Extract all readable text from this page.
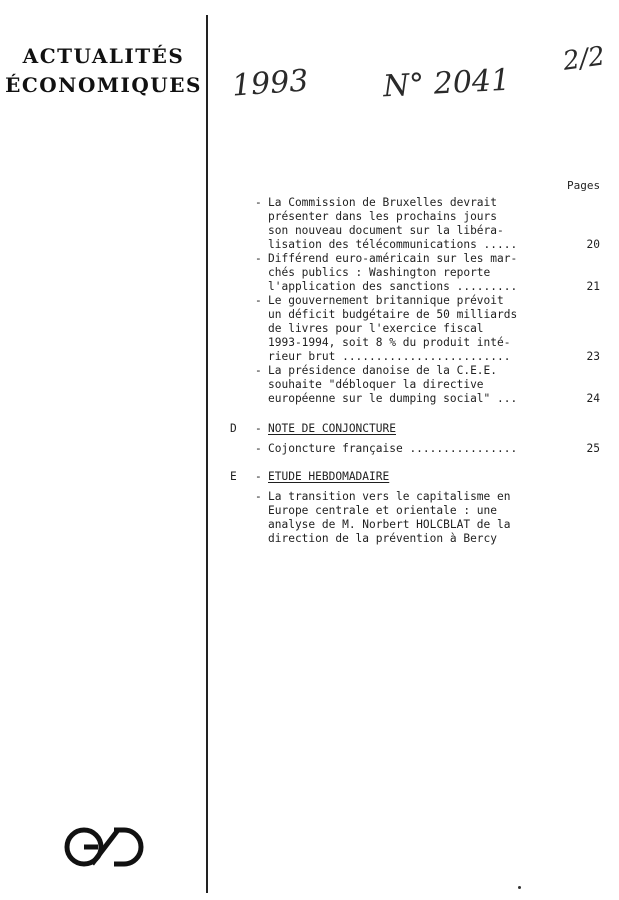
ACTUALITÉS
ÉCONOMIQUES 1993 N° 2041
2/2
Pages
- La Commission de Bruxelles devrait
présenter dans les prochains jours
son nouveau document sur la libéra-
lisation des télécommunications .....	20
- Différend euro-américain sur les mar-
chés publics : Washington reporte
l'application des sanctions .........	21
- Le gouvernement britannique prévoit
un déficit budgétaire de 50 milliards
de livres pour l'exercice fiscal
1993-1994, soit 8 % du produit inté-
rieur brut .........................	23
- La présidence danoise de la C.E.E.
souhaite "débloquer la directive
européenne sur le dumping social" ...	24
D - NOTE DE CONJONCTURE
- Cojoncture française ................	25
E - ETUDE HEBDOMADAIRE
- La transition vers le capitalisme en
Europe centrale et orientale : une
analyse de M. Norbert HOLCBLAT de la
direction de la prévention à Bercy
